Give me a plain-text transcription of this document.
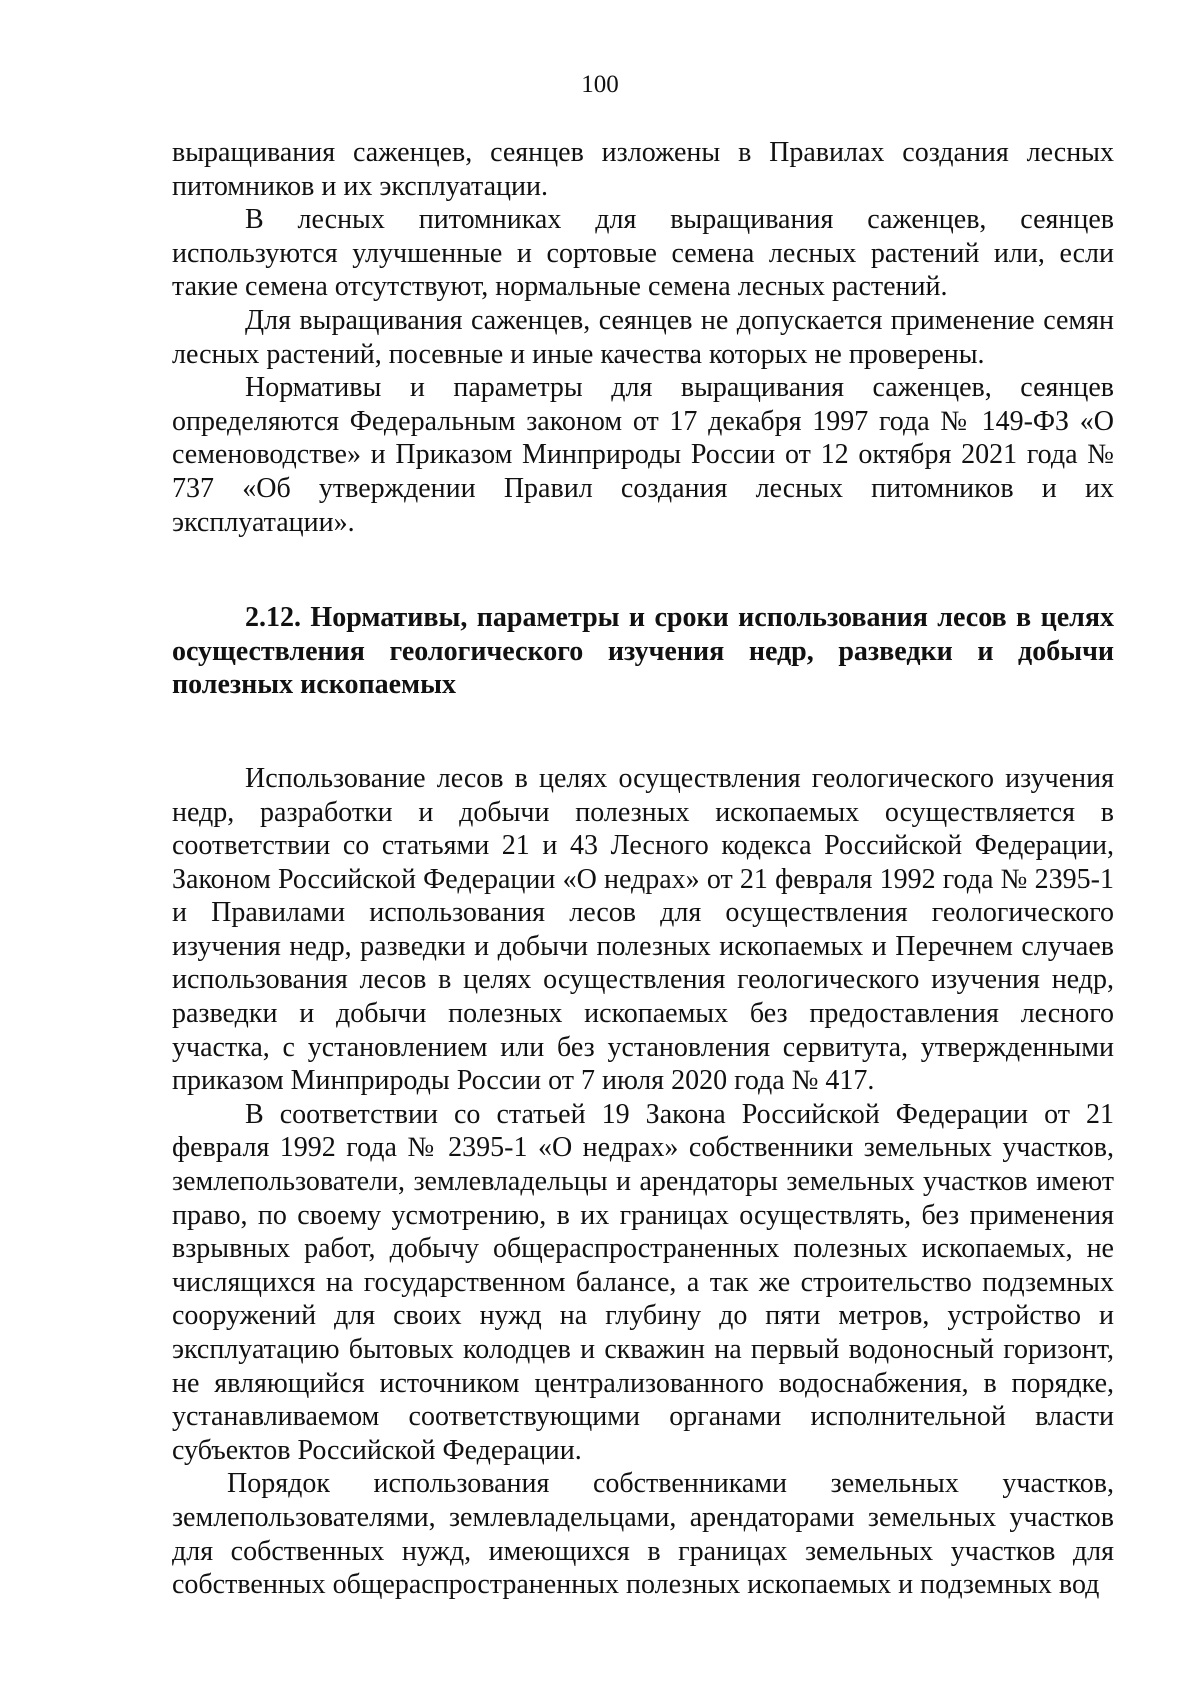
100

выращивания саженцев, сеянцев изложены в Правилах создания лесных питомников и их эксплуатации.

В лесных питомниках для выращивания саженцев, сеянцев используются улучшенные и сортовые семена лесных растений или, если такие семена отсутствуют, нормальные семена лесных растений.

Для выращивания саженцев, сеянцев не допускается применение семян лесных растений, посевные и иные качества которых не проверены.

Нормативы и параметры для выращивания саженцев, сеянцев определяются Федеральным законом от 17 декабря 1997 года № 149-ФЗ «О семеноводстве» и Приказом Минприроды России от 12 октября 2021 года № 737 «Об утверждении Правил создания лесных питомников и их эксплуатации».

2.12. Нормативы, параметры и сроки использования лесов в целях осуществления геологического изучения недр, разведки и добычи полезных ископаемых

Использование лесов в целях осуществления геологического изучения недр, разработки и добычи полезных ископаемых осуществляется в соответствии со статьями 21 и 43 Лесного кодекса Российской Федерации, Законом Российской Федерации «О недрах» от 21 февраля 1992 года № 2395-1 и Правилами использования лесов для осуществления геологического изучения недр, разведки и добычи полезных ископаемых и Перечнем случаев использования лесов в целях осуществления геологического изучения недр, разведки и добычи полезных ископаемых без предоставления лесного участка, с установлением или без установления сервитута, утвержденными приказом Минприроды России от 7 июля 2020 года № 417.

В соответствии со статьей 19 Закона Российской Федерации от 21 февраля 1992 года № 2395-1 «О недрах» собственники земельных участков, землепользователи, землевладельцы и арендаторы земельных участков имеют право, по своему усмотрению, в их границах осуществлять, без применения взрывных работ, добычу общераспространенных полезных ископаемых, не числящихся на государственном балансе, а так же строительство подземных сооружений для своих нужд на глубину до пяти метров, устройство и эксплуатацию бытовых колодцев и скважин на первый водоносный горизонт, не являющийся источником централизованного водоснабжения, в порядке, устанавливаемом соответствующими органами исполнительной власти субъектов Российской Федерации.

Порядок использования собственниками земельных участков, землепользователями, землевладельцами, арендаторами земельных участков для собственных нужд, имеющихся в границах земельных участков для собственных общераспространенных полезных ископаемых и подземных вод
